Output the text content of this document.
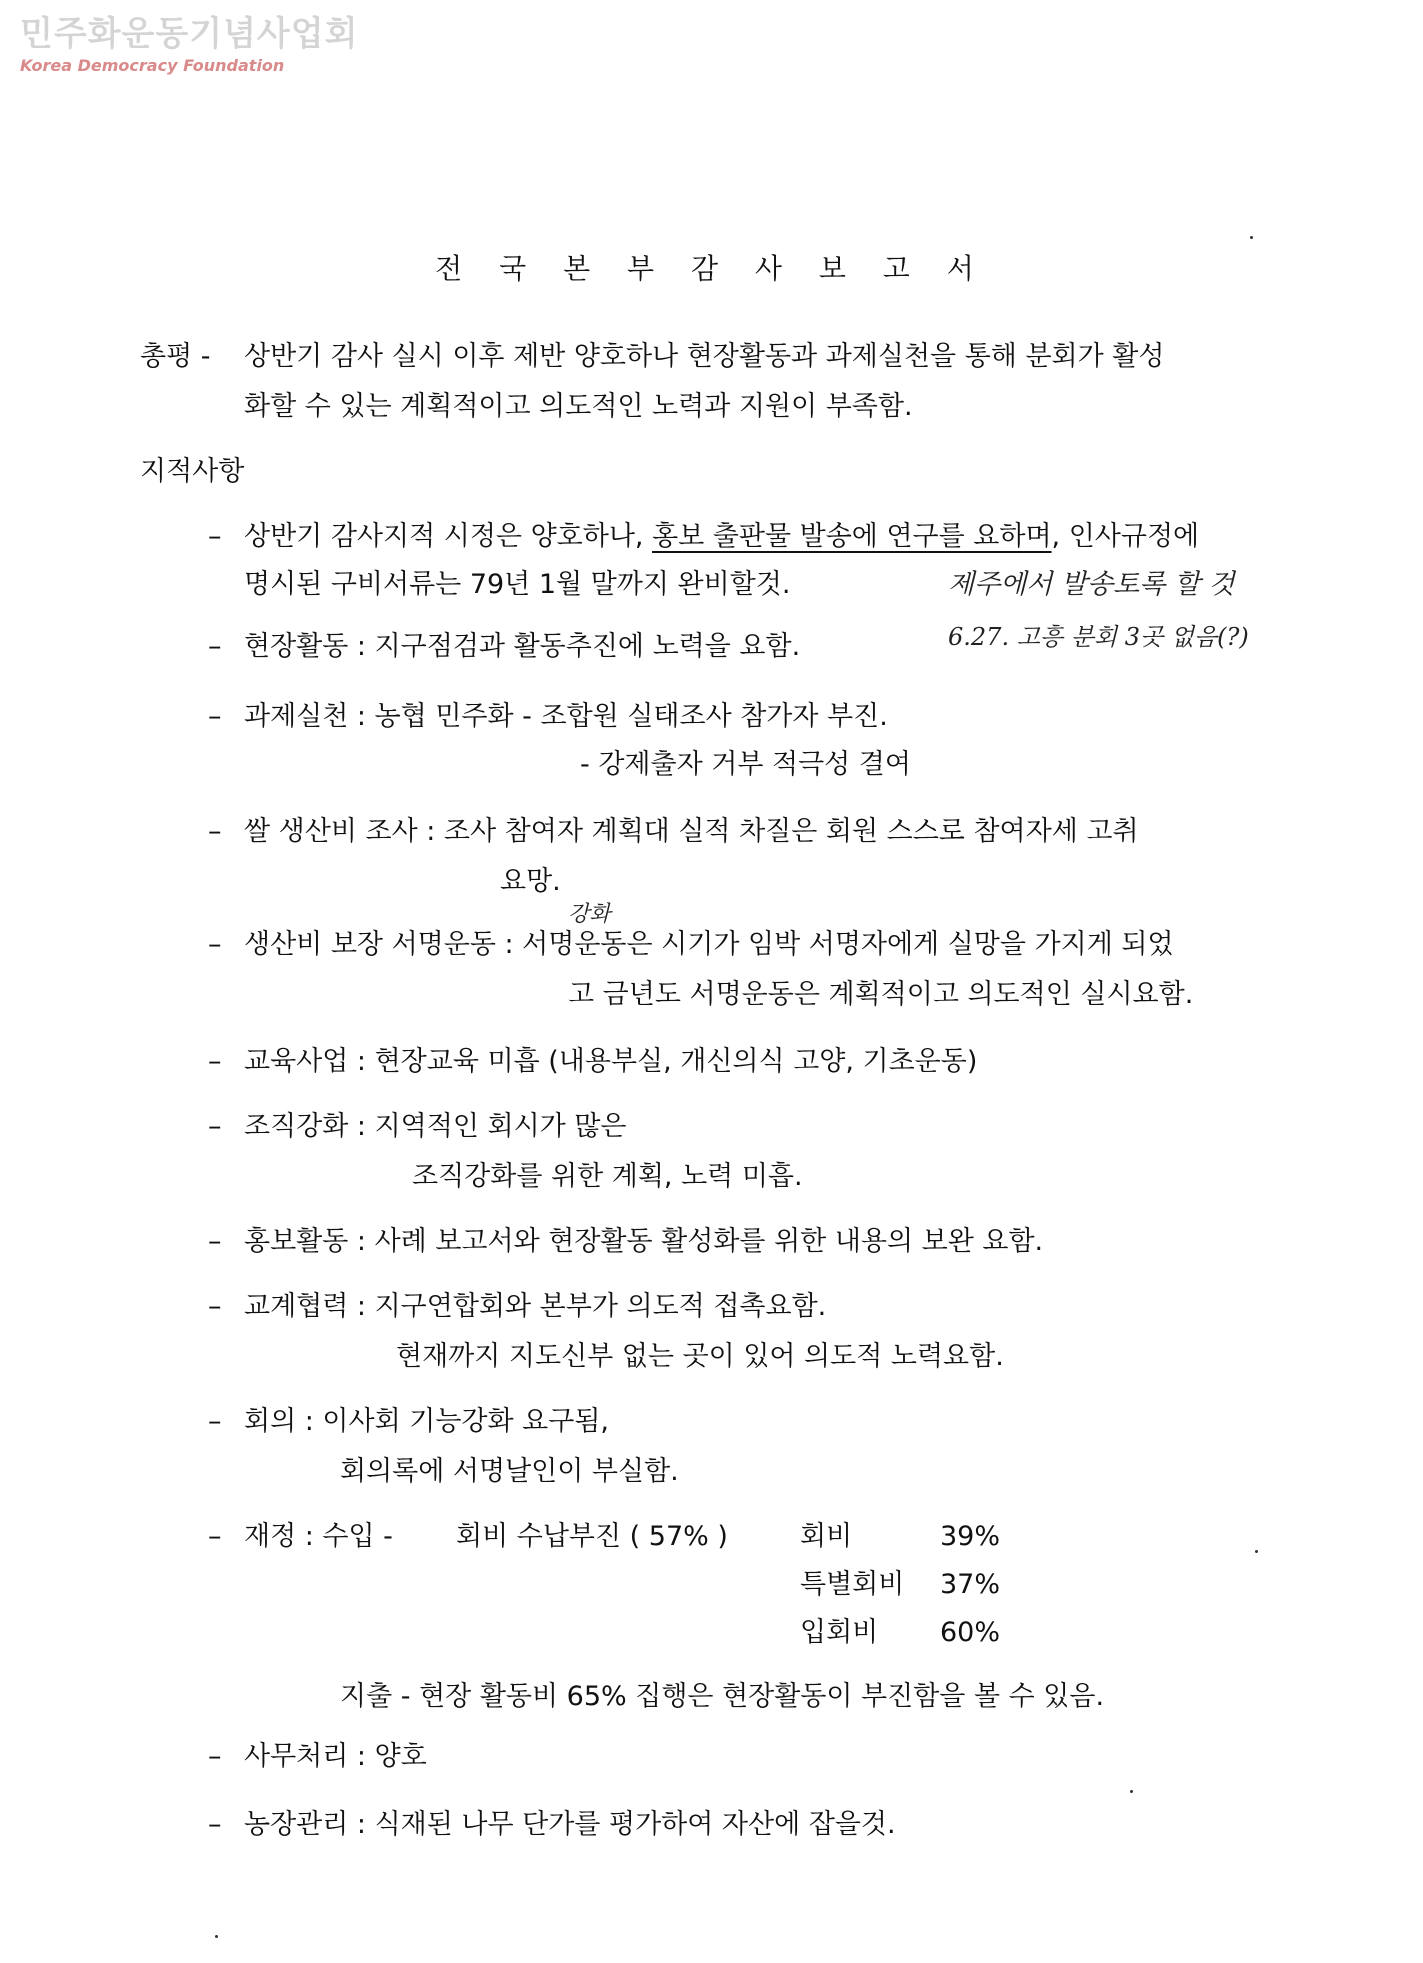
민주화운동기념사업회
Korea Democracy Foundation
전 국 본 부 감 사 보 고 서
총평 - 상반기 감사 실시 이후 제반 양호하나 현장활동과 과제실천을 통해 분회가 활성
화할 수 있는 계획적이고 의도적인 노력과 지원이 부족함.
지적사항
– 상반기 감사지적 시정은 양호하나, 홍보 출판물 발송에 연구를 요하며, 인사규정에
명시된 구비서류는 79년 1월 말까지 완비할것.	제주에서 발송토록 할 것
6.27. 고흥 분회 3곳 없음(?)
– 현장활동 : 지구점검과 활동추진에 노력을 요함.
– 과제실천 : 농협 민주화 - 조합원 실태조사 참가자 부진.
- 강제출자 거부 적극성 결여
– 쌀 생산비 조사 : 조사 참여자 계획대 실적 차질은 회원 스스로 참여자세 고취
요망.
강화
– 생산비 보장 서명운동 : 서명운동은 시기가 임박 서명자에게 실망을 가지게 되었
고 금년도 서명운동은 계획적이고 의도적인 실시요함.
– 교육사업 : 현장교육 미흡 (내용부실, 개신의식 고양, 기초운동)
– 조직강화 : 지역적인 회시가 많은
조직강화를 위한 계획, 노력 미흡.
– 홍보활동 : 사례 보고서와 현장활동 활성화를 위한 내용의 보완 요함.
– 교계협력 : 지구연합회와 본부가 의도적 접촉요함.
현재까지 지도신부 없는 곳이 있어 의도적 노력요함.
– 회의 : 이사회 기능강화 요구됨,
회의록에 서명날인이 부실함.
– 재정 : 수입 - 회비 수납부진 ( 57% )	회비	39%
특별회비 37%
입회비 60%
지출 - 현장 활동비 65% 집행은 현장활동이 부진함을 볼 수 있음.
– 사무처리 : 양호
– 농장관리 : 식재된 나무 단가를 평가하여 자산에 잡을것.
